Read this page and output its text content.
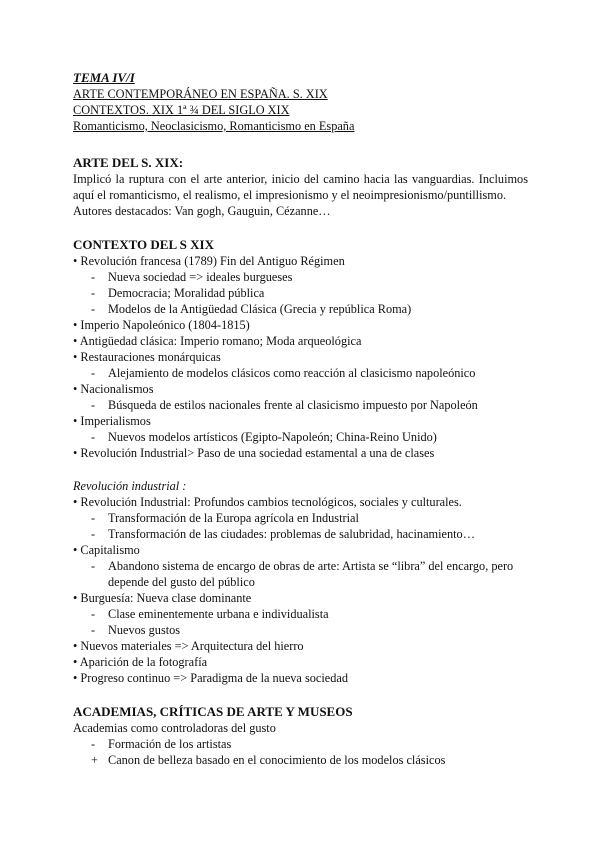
TEMA IV/I
ARTE CONTEMPORÁNEO EN ESPAÑA. S. XIX
CONTEXTOS. XIX 1ª ¾ DEL SIGLO XIX
Romanticismo, Neoclasicismo, Romanticismo en España
ARTE DEL S. XIX:
Implicó la ruptura con el arte anterior, inicio del camino hacia las vanguardias. Incluimos aquí el romanticismo, el realismo, el impresionismo y el neoimpresionismo/puntillismo.
Autores destacados: Van gogh, Gauguin, Cézanne…
CONTEXTO DEL S XIX
• Revolución francesa (1789) Fin del Antiguo Régimen
- Nueva sociedad => ideales burgueses
- Democracia; Moralidad pública
- Modelos de la Antigüedad Clásica (Grecia y república Roma)
• Imperio Napoleónico (1804-1815)
• Antigüedad clásica: Imperio romano; Moda arqueológica
• Restauraciones monárquicas
- Alejamiento de modelos clásicos como reacción al clasicismo napoleónico
• Nacionalismos
- Búsqueda de estilos nacionales frente al clasicismo impuesto por Napoleón
• Imperialismos
- Nuevos modelos artísticos (Egipto-Napoleón; China-Reino Unido)
• Revolución Industrial> Paso de una sociedad estamental a una de clases
Revolución industrial :
• Revolución Industrial: Profundos cambios tecnológicos, sociales y culturales.
- Transformación de la Europa agrícola en Industrial
- Transformación de las ciudades: problemas de salubridad, hacinamiento…
• Capitalismo
- Abandono sistema de encargo de obras de arte: Artista se “libra” del encargo, pero depende del gusto del público
• Burguesía: Nueva clase dominante
- Clase eminentemente urbana e individualista
- Nuevos gustos
• Nuevos materiales => Arquitectura del hierro
• Aparición de la fotografía
• Progreso continuo => Paradigma de la nueva sociedad
ACADEMIAS, CRÍTICAS DE ARTE Y MUSEOS
Academias como controladoras del gusto
- Formación de los artistas
+ Canon de belleza basado en el conocimiento de los modelos clásicos
